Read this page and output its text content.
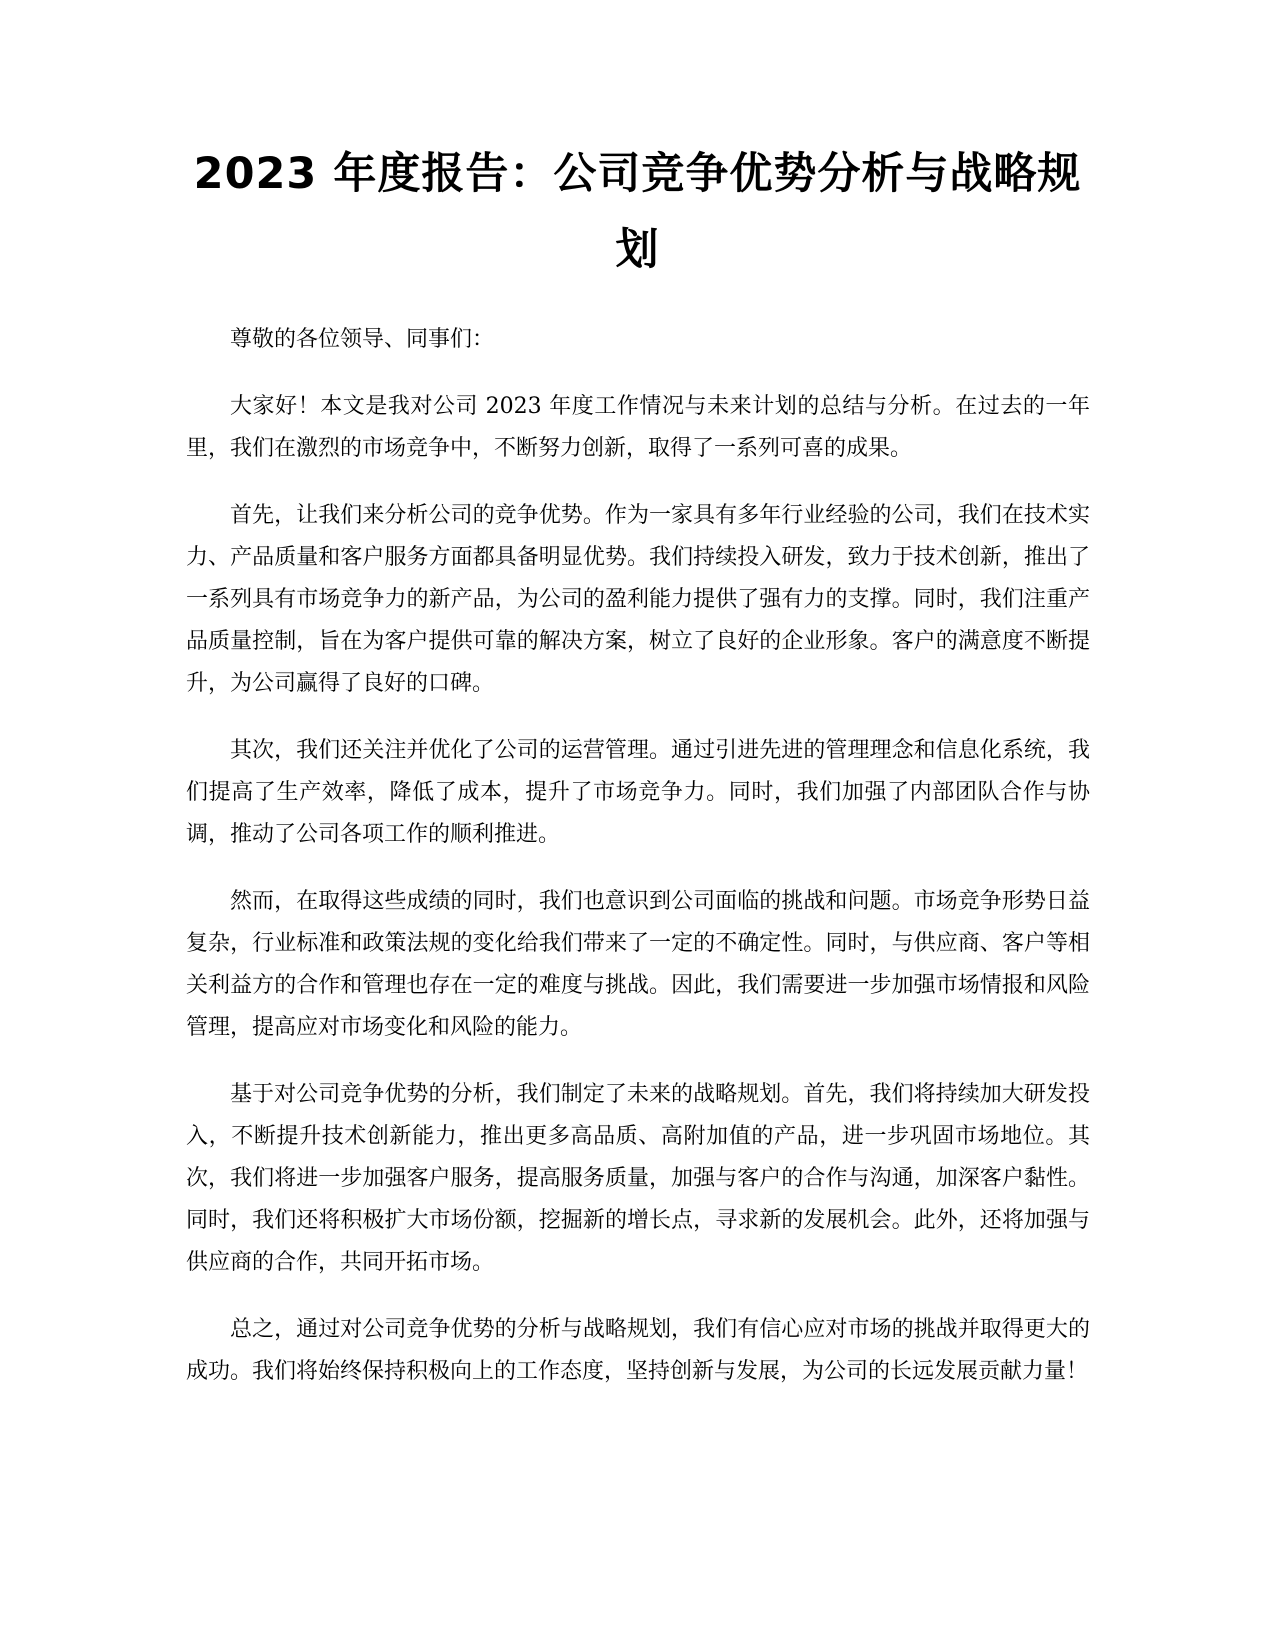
2023 年度报告：公司竞争优势分析与战略规划

尊敬的各位领导、同事们：

大家好！本文是我对公司 2023 年度工作情况与未来计划的总结与分析。在过去的一年里，我们在激烈的市场竞争中，不断努力创新，取得了一系列可喜的成果。

首先，让我们来分析公司的竞争优势。作为一家具有多年行业经验的公司，我们在技术实力、产品质量和客户服务方面都具备明显优势。我们持续投入研发，致力于技术创新，推出了一系列具有市场竞争力的新产品，为公司的盈利能力提供了强有力的支撑。同时，我们注重产品质量控制，旨在为客户提供可靠的解决方案，树立了良好的企业形象。客户的满意度不断提升，为公司赢得了良好的口碑。

其次，我们还关注并优化了公司的运营管理。通过引进先进的管理理念和信息化系统，我们提高了生产效率，降低了成本，提升了市场竞争力。同时，我们加强了内部团队合作与协调，推动了公司各项工作的顺利推进。

然而，在取得这些成绩的同时，我们也意识到公司面临的挑战和问题。市场竞争形势日益复杂，行业标准和政策法规的变化给我们带来了一定的不确定性。同时，与供应商、客户等相关利益方的合作和管理也存在一定的难度与挑战。因此，我们需要进一步加强市场情报和风险管理，提高应对市场变化和风险的能力。

基于对公司竞争优势的分析，我们制定了未来的战略规划。首先，我们将持续加大研发投入，不断提升技术创新能力，推出更多高品质、高附加值的产品，进一步巩固市场地位。其次，我们将进一步加强客户服务，提高服务质量，加强与客户的合作与沟通，加深客户黏性。同时，我们还将积极扩大市场份额，挖掘新的增长点，寻求新的发展机会。此外，还将加强与供应商的合作，共同开拓市场。

总之，通过对公司竞争优势的分析与战略规划，我们有信心应对市场的挑战并取得更大的成功。我们将始终保持积极向上的工作态度，坚持创新与发展，为公司的长远发展贡献力量！
